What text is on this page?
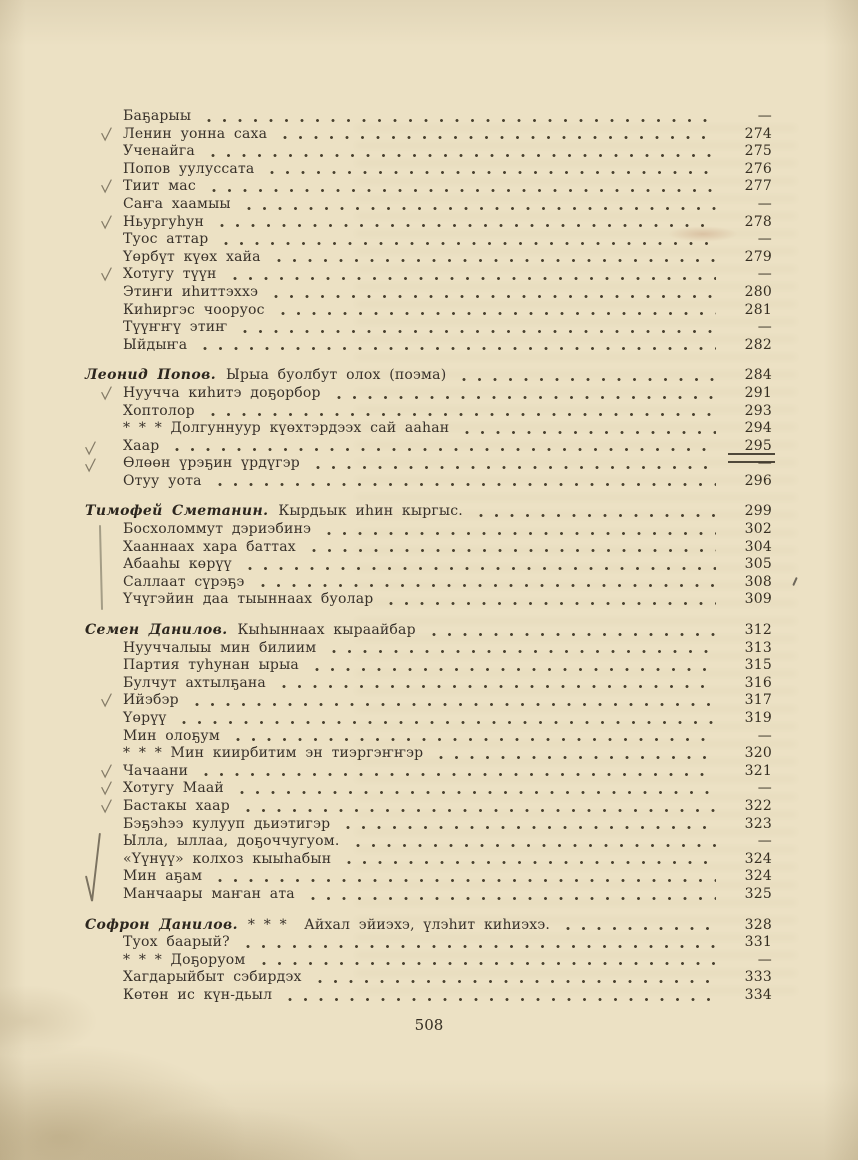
Баҕарыы	—
Ленин уонна саха	274
Ученайга	275
Попов уулуссата	276
Тиит мас	277
Саҥа хаамыы	—
Ньургуһун	278
Туос аттар	—
Үөрбүт күөх хайа	279
Хотугу түүн	—
Этиҥи иһиттэххэ	280
Киһиргэс чооруос	281
Түүҥҥү этиҥ	—
Ыйдыҥа	282
Леонид Попов. Ырыа буолбут олох (поэма)	284
Нуучча киһитэ доҕорбор	291
Хоптолор	293
* * * Долгуннуур күөхтэрдээх сай ааһан	294
Хаар	295
Өлөөн үрэҕин үрдүгэр	—
Отуу уота	296
Тимофей Сметанин. Кырдьык иһин кыргыс.	299
Босхоломмут дэриэбинэ	302
Хааннаах хара баттах	304
Абааһы көрүү	305
Саллаат сүрэҕэ	308
Үчүгэйин даа тыыннаах буолар	309
Семен Данилов. Кыһыннаах кыраайбар	312
Нууччалыы мин билиим	313
Партия туһунан ырыа	315
Булчут ахтылҕана	316
Ийэбэр	317
Үөрүү	319
Мин олоҕум	—
* * * Мин киирбитим эн тиэргэҥҥэр	320
Чачаани	321
Хотугу Маай	—
Бастакы хаар	322
Бэҕэһээ кулууп дьиэтигэр	323
Ылла, ыллаа, доҕоччугуом.	—
«Үүнүү» колхоз кыыһабын	324
Мин аҕам	324
Манчаары маҥан ата	325
Софрон Данилов. * * *  Айхал эйиэхэ, үлэһит киһиэхэ.	328
Туох баарый?	331
* * * Доҕоруом	—
Хагдарыйбыт сэбирдэх	333
Көтөн ис күн-дьыл	334
508
